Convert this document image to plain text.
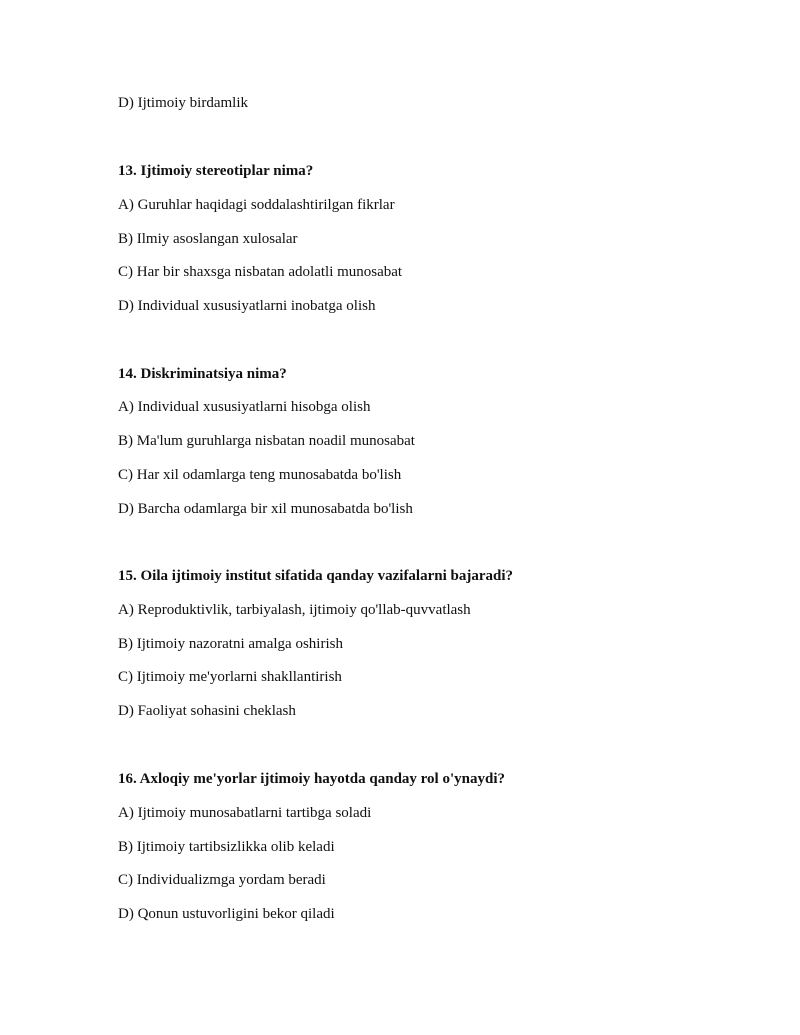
D) Ijtimoiy birdamlik
13. Ijtimoiy stereotiplar nima?
A) Guruhlar haqidagi soddalashtirilgan fikrlar
B) Ilmiy asoslangan xulosalar
C) Har bir shaxsga nisbatan adolatli munosabat
D) Individual xususiyatlarni inobatga olish
14. Diskriminatsiya nima?
A) Individual xususiyatlarni hisobga olish
B) Ma'lum guruhlarga nisbatan noadil munosabat
C) Har xil odamlarga teng munosabatda bo'lish
D) Barcha odamlarga bir xil munosabatda bo'lish
15. Oila ijtimoiy institut sifatida qanday vazifalarni bajaradi?
A) Reproduktivlik, tarbiyalash, ijtimoiy qo'llab-quvvatlash
B) Ijtimoiy nazoratni amalga oshirish
C) Ijtimoiy me'yorlarni shakllantirish
D) Faoliyat sohasini cheklash
16. Axloqiy me'yorlar ijtimoiy hayotda qanday rol o'ynaydi?
A) Ijtimoiy munosabatlarni tartibga soladi
B) Ijtimoiy tartibsizlikka olib keladi
C) Individualizmga yordam beradi
D) Qonun ustuvorligini bekor qiladi
